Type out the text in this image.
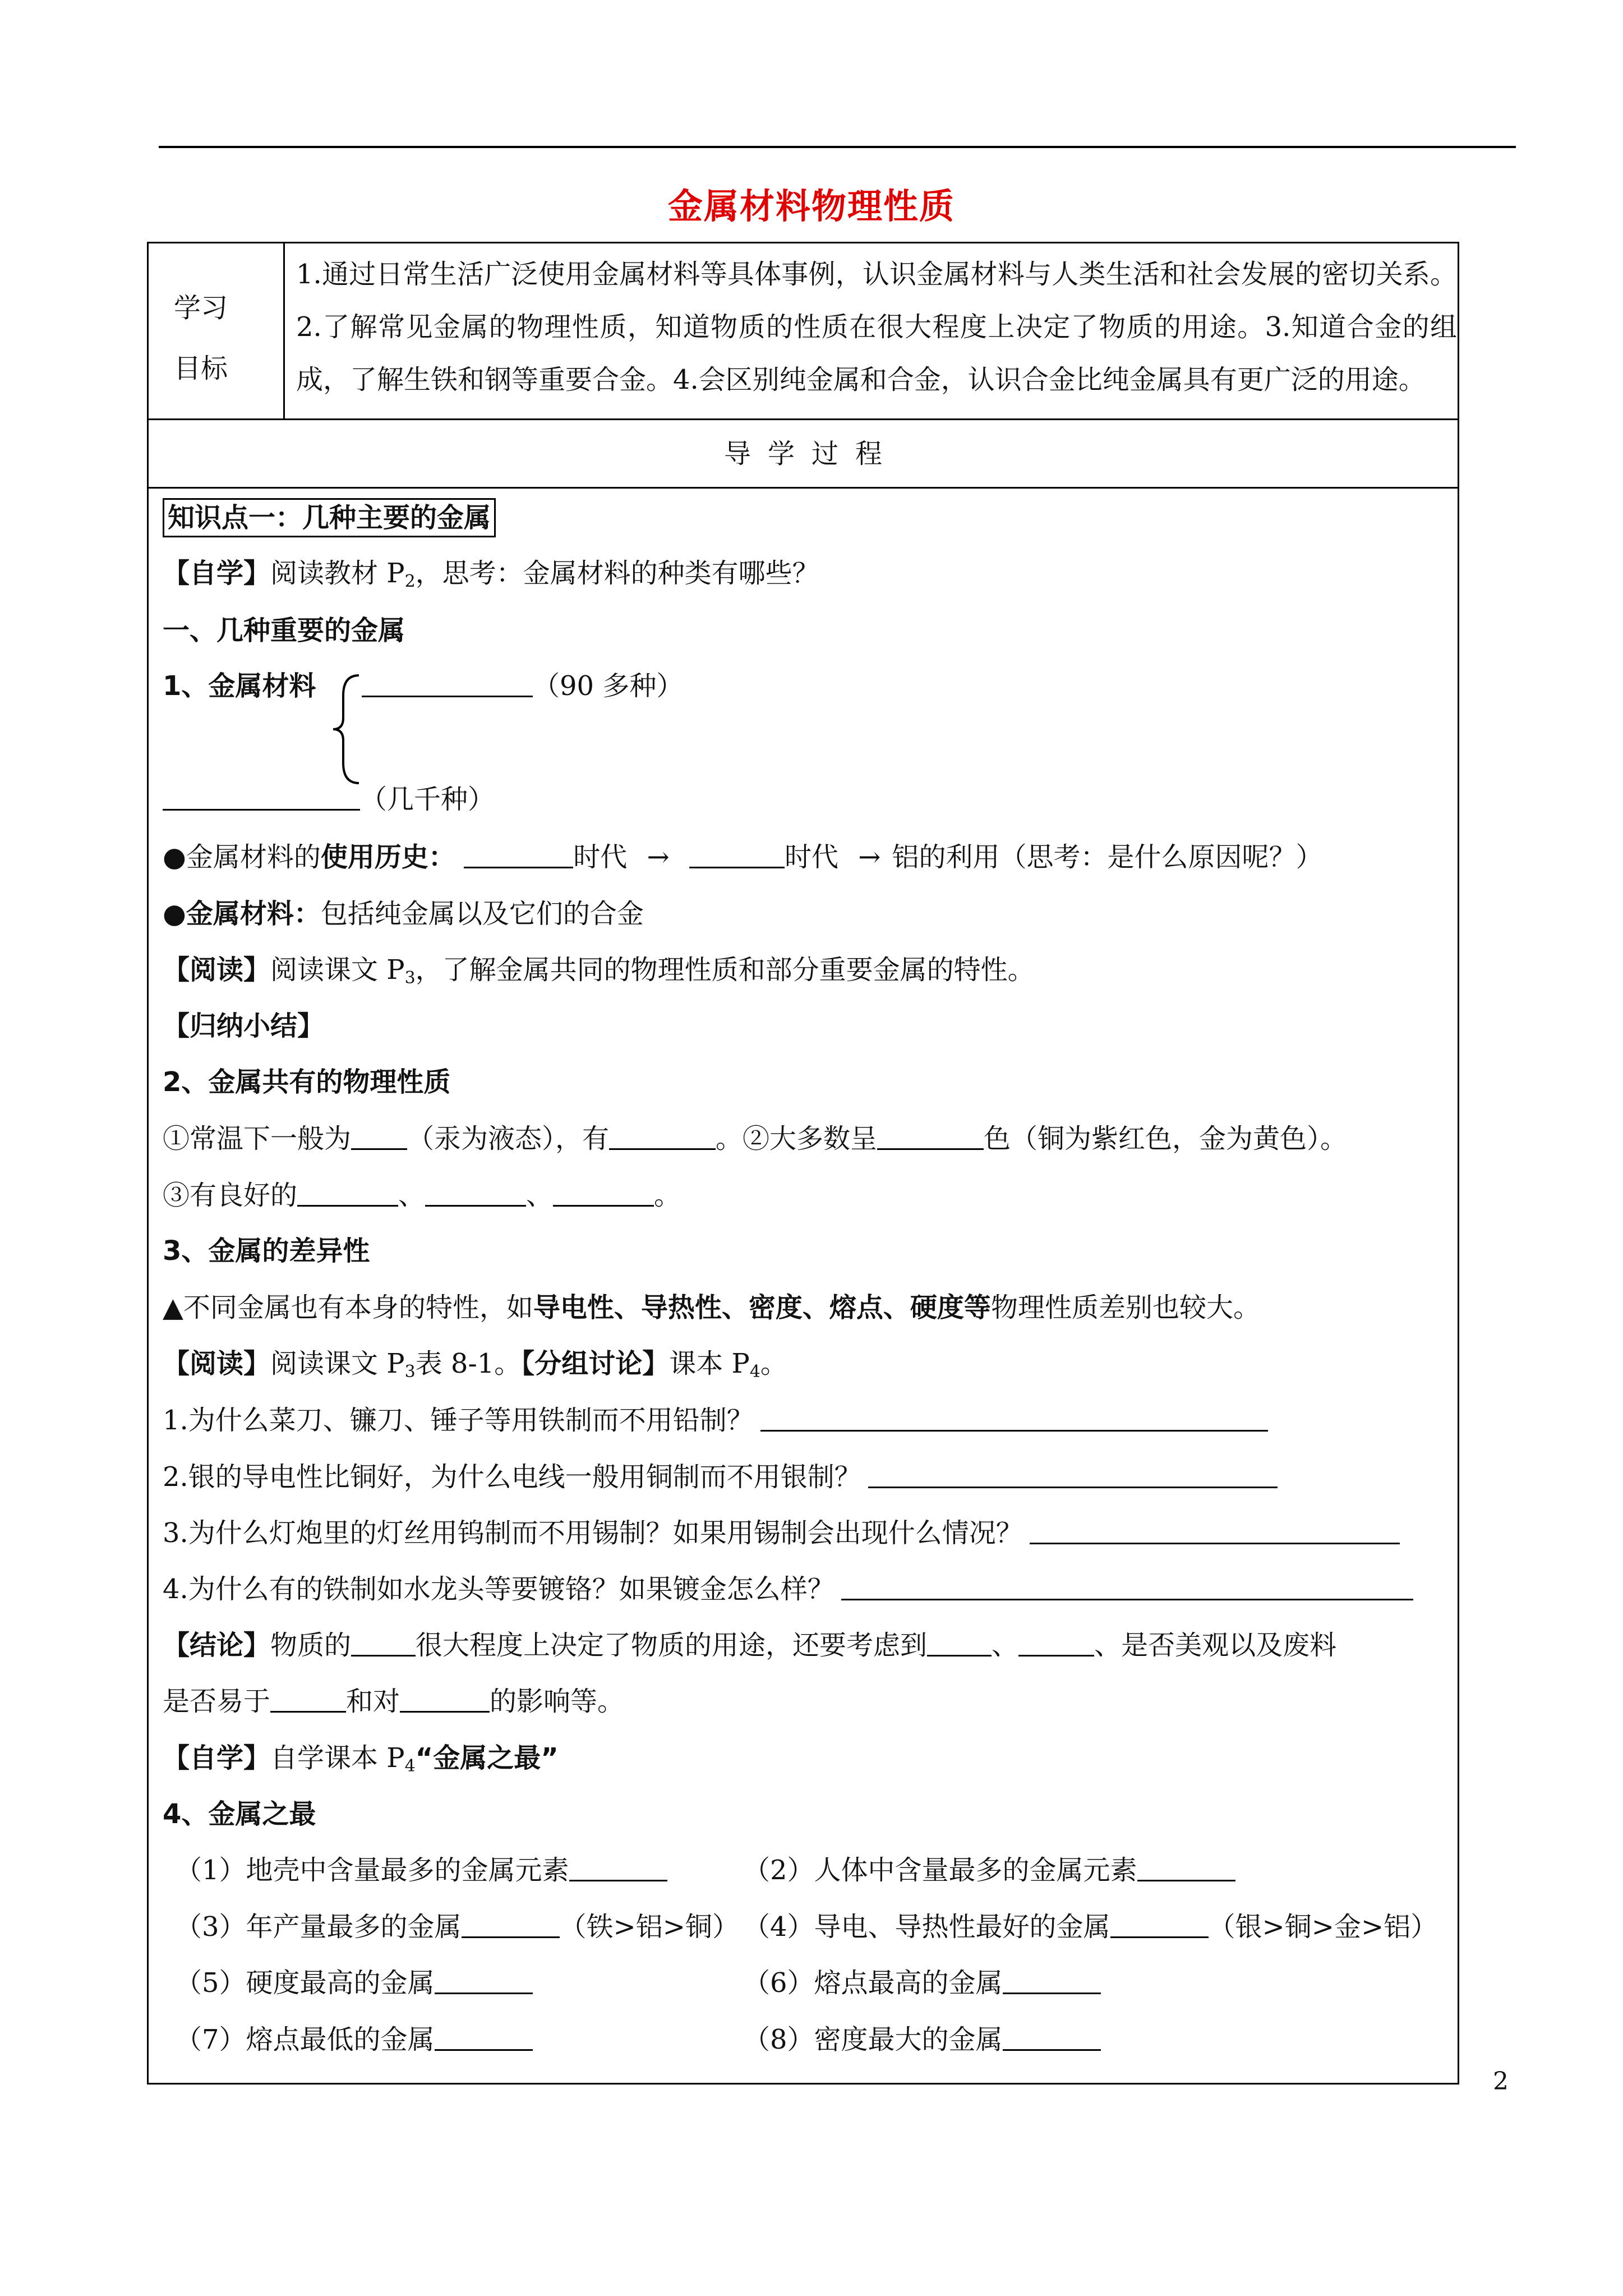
金属材料物理性质
学习
目标
1.通过日常生活广泛使用金属材料等具体事例，认识金属材料与人类生活和社会发展的密切关系。2.了解常见金属的物理性质，知道物质的性质在很大程度上决定了物质的用途。3.知道合金的组成，了解生铁和钢等重要合金。4.会区别纯金属和合金，认识合金比纯金属具有更广泛的用途。
导学过程
知识点一：几种主要的金属
【自学】阅读教材 $P_2$，思考：金属材料的种类有哪些？
一、几种重要的金属
1、金属材料	（90 多种）
（几千种）
●金属材料的使用历史：	时代 →	时代 → 铝的利用（思考：是什么原因呢？）
●金属材料：包括纯金属以及它们的合金
【阅读】阅读课文 $P_3$，了解金属共同的物理性质和部分重要金属的特性。
【归纳小结】
2、金属共有的物理性质
①常温下一般为 （汞为液态），有	。②大多数呈	色（铜为紫红色，金为黄色）。
③有良好的	、	、	。
3、金属的差异性
▲不同金属也有本身的特性，如导电性、导热性、密度、熔点、硬度等物理性质差别也较大。
【阅读】阅读课文 $P_3$表 8-1。【分组讨论】课本 $P_4$。
1.为什么菜刀、镰刀、锤子等用铁制而不用铅制？
2.银的导电性比铜好，为什么电线一般用铜制而不用银制？
3.为什么灯炮里的灯丝用钨制而不用锡制？如果用锡制会出现什么情况？
4.为什么有的铁制如水龙头等要镀铬？如果镀金怎么样？
【结论】物质的 很大程度上决定了物质的用途，还要考虑到 、	、是否美观以及废料
是否易于	和对	的影响等。
【自学】自学课本 $P_4“$金属之最”
4、金属之最
（1）地壳中含量最多的金属元素	（2）人体中含量最多的金属元素
（3）年产量最多的金属	（铁>铝>铜） （4）导电、导热性最好的金属	（银>铜>金>铝）
（5）硬度最高的金属	（6）熔点最高的金属
（7）熔点最低的金属	（8）密度最大的金属
2
